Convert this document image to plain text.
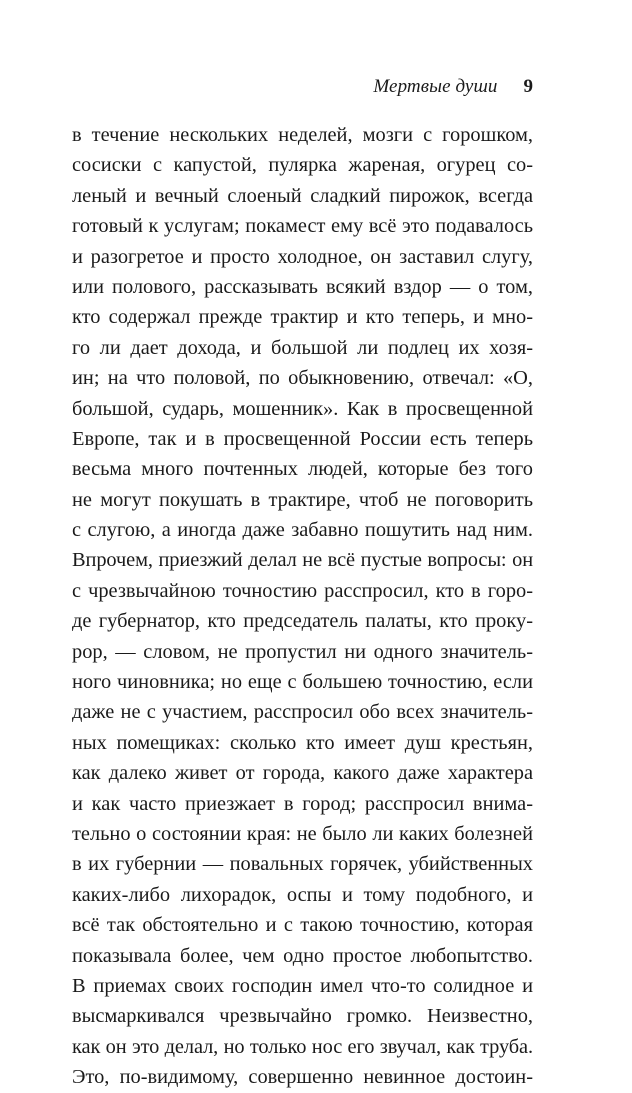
Мертвые души 9
в течение нескольких неделей, мозги с горошком,
сосиски с капустой, пулярка жареная, огурец со-
леный и вечный слоеный сладкий пирожок, всегда
готовый к услугам; покамест ему всё это подавалось
и разогретое и просто холодное, он заставил слугу,
или полового, рассказывать всякий вздор — о том,
кто содержал прежде трактир и кто теперь, и мно-
го ли дает дохода, и большой ли подлец их хозя-
ин; на что половой, по обыкновению, отвечал: «О,
большой, сударь, мошенник». Как в просвещенной
Европе, так и в просвещенной России есть теперь
весьма много почтенных людей, которые без того
не могут покушать в трактире, чтоб не поговорить
с слугою, а иногда даже забавно пошутить над ним.
Впрочем, приезжий делал не всё пустые вопросы: он
с чрезвычайною точностию расспросил, кто в горо-
де губернатор, кто председатель палаты, кто проку-
рор, — словом, не пропустил ни одного значитель-
ного чиновника; но еще с большею точностию, если
даже не с участием, расспросил обо всех значитель-
ных помещиках: сколько кто имеет душ крестьян,
как далеко живет от города, какого даже характера
и как часто приезжает в город; расспросил внима-
тельно о состоянии края: не было ли каких болезней
в их губернии — повальных горячек, убийственных
каких-либо лихорадок, оспы и тому подобного, и
всё так обстоятельно и с такою точностию, которая
показывала более, чем одно простое любопытство.
В приемах своих господин имел что-то солидное и
высмаркивался чрезвычайно громко. Неизвестно,
как он это делал, но только нос его звучал, как труба.
Это, по-видимому, совершенно невинное достоин-
